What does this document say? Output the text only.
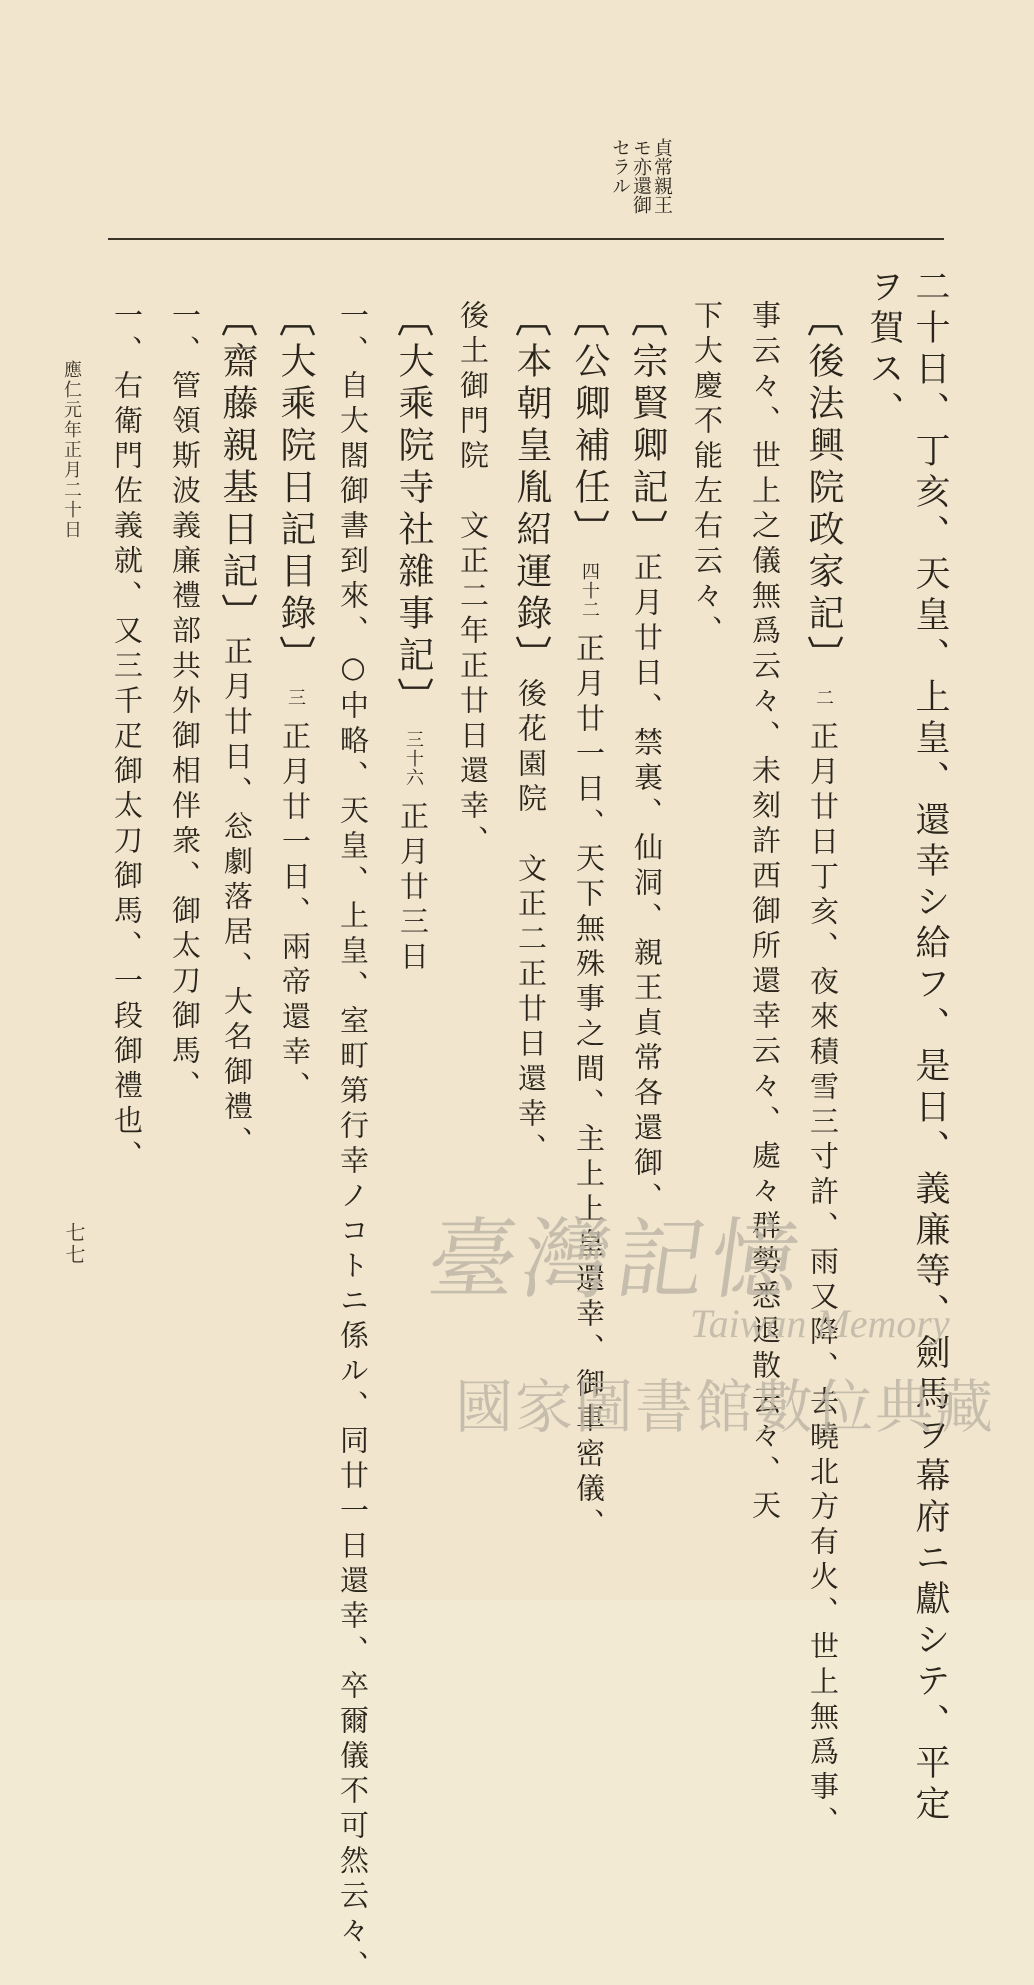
貞常親王モ亦還御セラル
二十日、丁亥、天皇、上皇、還幸シ給フ、是日、義廉等、劍馬ヲ幕府ニ獻シテ、平定
ヲ賀ス、
〔後法興院政家記〕二正月廿日丁亥、夜來積雪三寸許、雨又降、去曉北方有火、世上無爲事、
事云々、世上之儀無爲云々、未刻許西御所還幸云々、處々群勢悉退散云々、天
下大慶不能左右云々、
〔宗賢卿記〕正月廿日、禁裏、仙洞、親王貞常各還御、
〔公卿補任〕四十二正月廿一日、天下無殊事之間、主上上皇還幸、御車密儀、
〔本朝皇胤紹運錄〕後花園院　文正二正廿日還幸、
後土御門院　文正二年正廿日還幸、
〔大乘院寺社雜事記〕三十六正月廿三日
一、自大閤御書到來、○中略、天皇、上皇、室町第行幸ノコトニ係ル、同廿一日還幸、卒爾儀不可然云々、
〔大乘院日記目錄〕三正月廿一日、兩帝還幸、
〔齋藤親基日記〕正月廿日、忩劇落居、大名御禮、
一、管領斯波義廉禮部共外御相伴衆、御太刀御馬、
一、右衛門佐義就、又三千疋御太刀御馬、一段御禮也、
應仁元年正月二十日
七七	臺灣記憶
Taiwan Memory
國家圖書館數位典藏
